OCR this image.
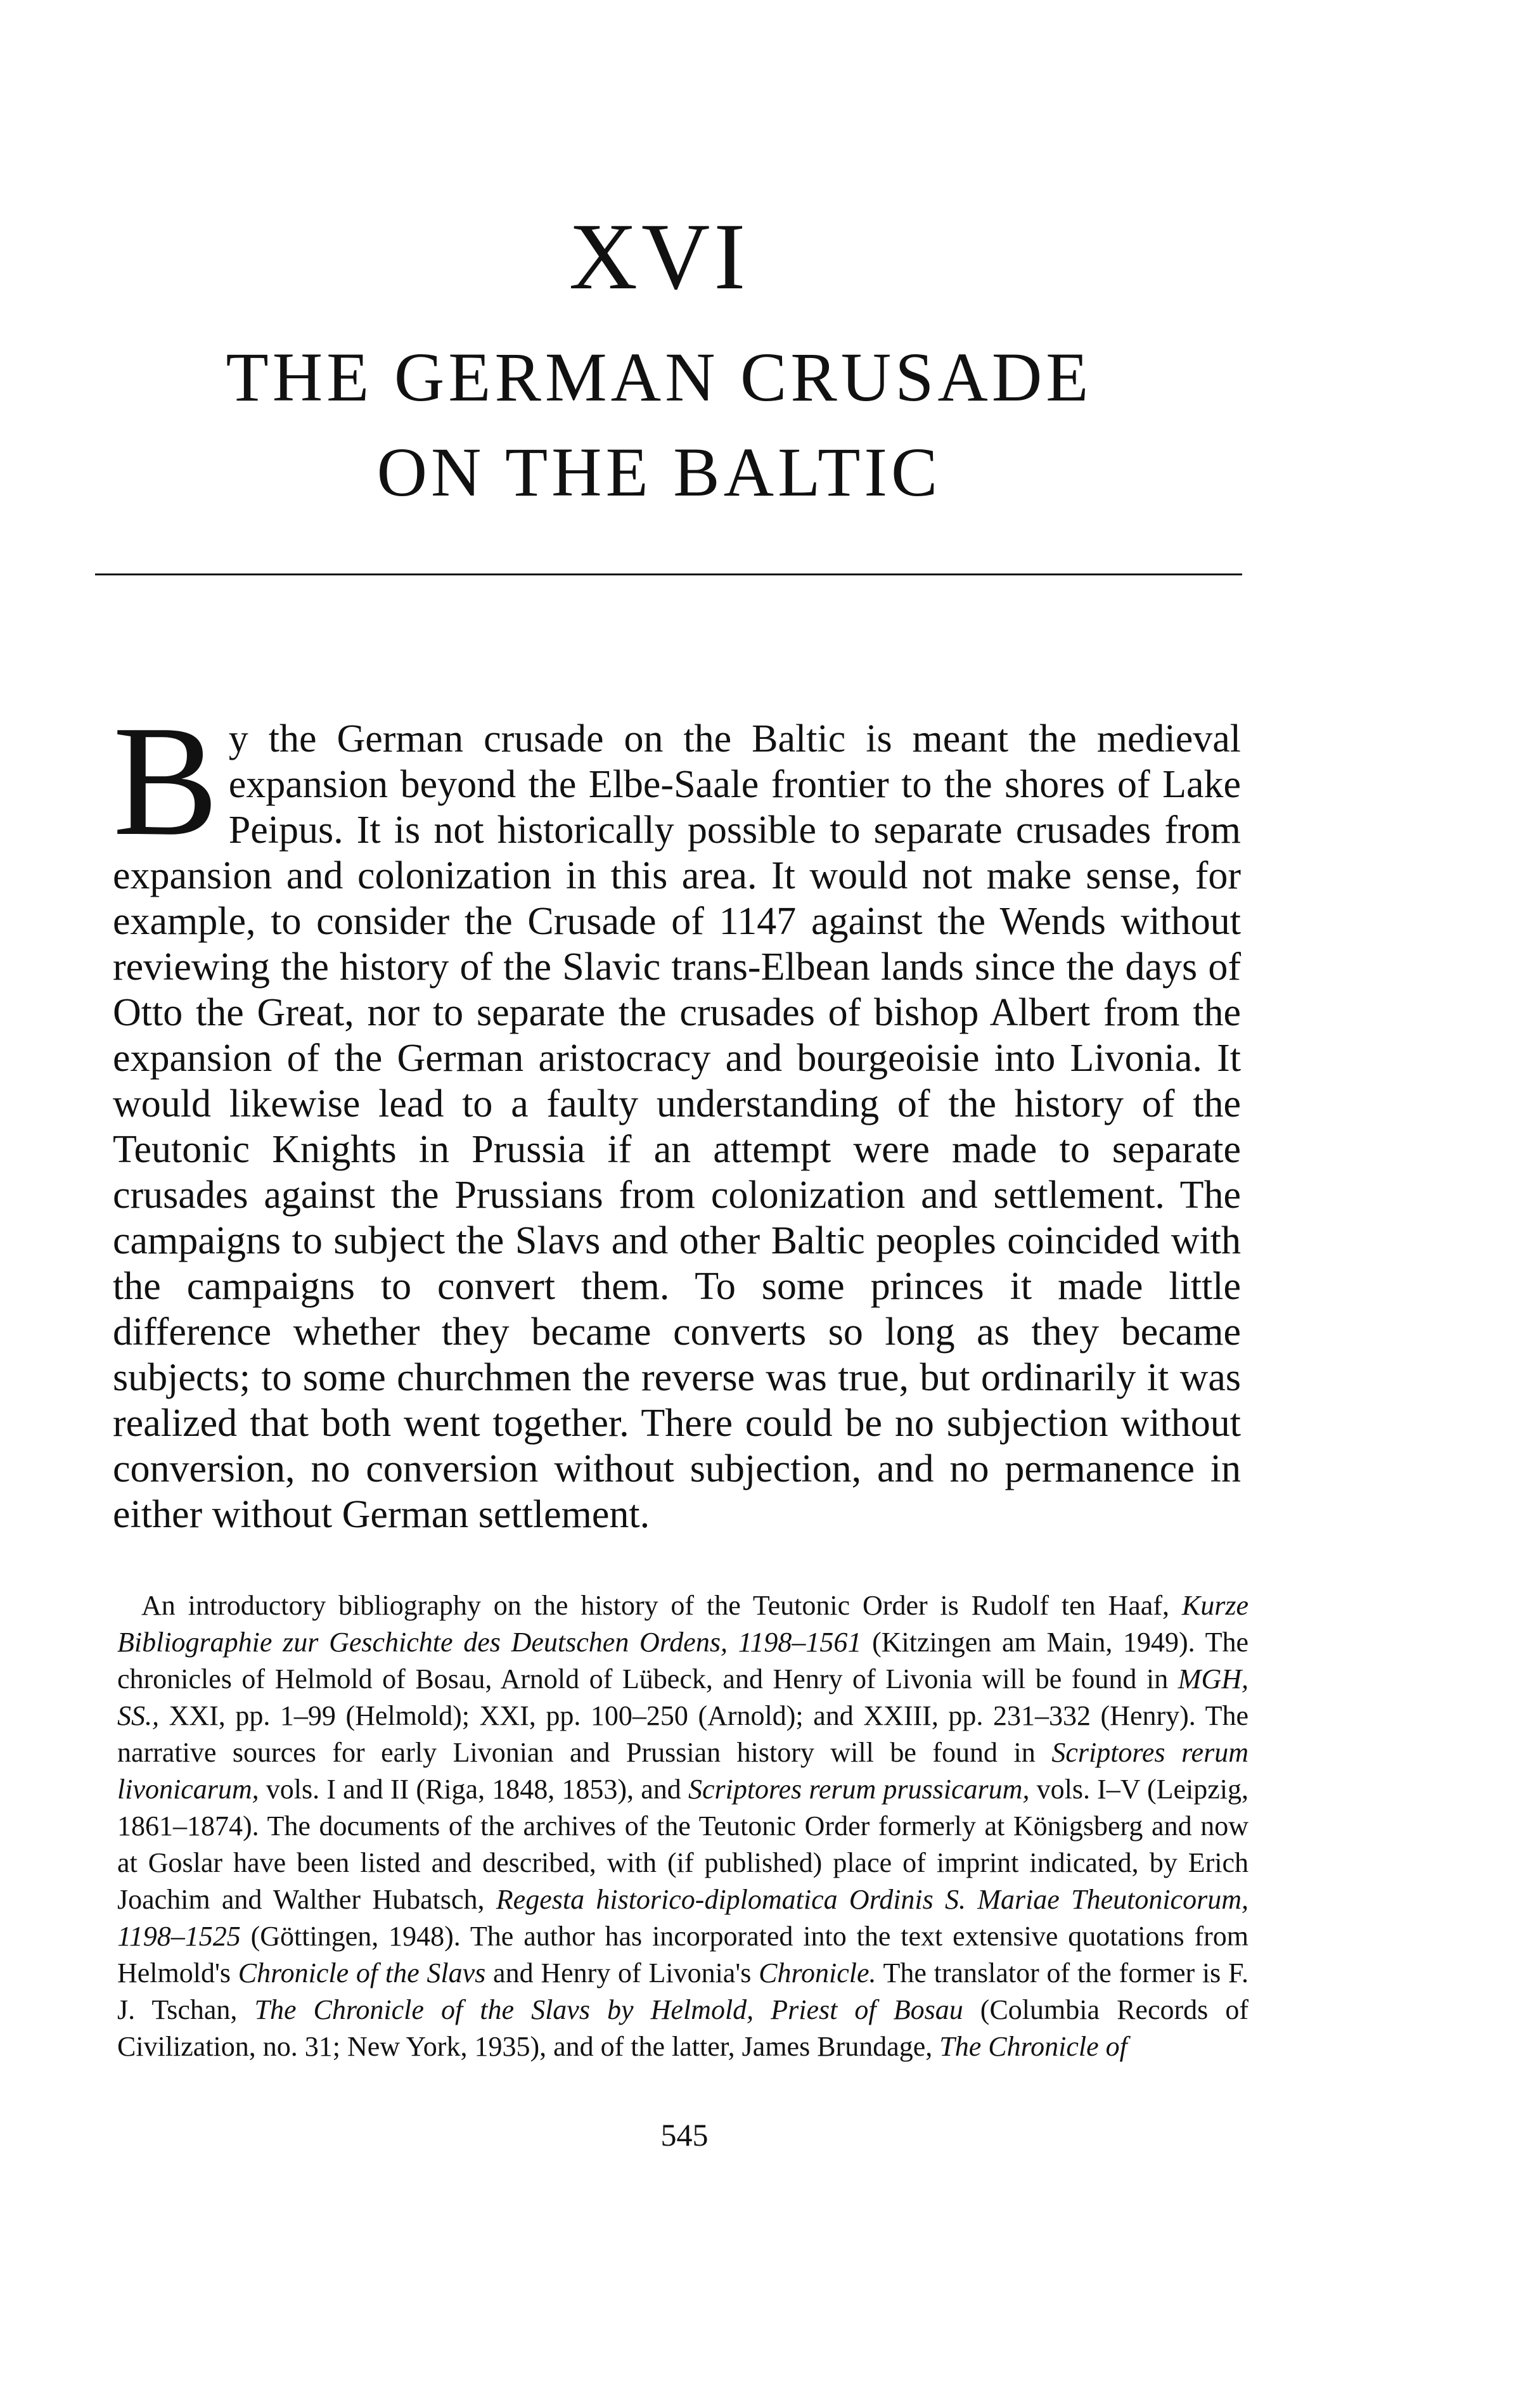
XVI
THE GERMAN CRUSADE
ON THE BALTIC
By the German crusade on the Baltic is meant the medieval expansion beyond the Elbe-Saale frontier to the shores of Lake Peipus. It is not historically possible to separate crusades from expansion and colonization in this area. It would not make sense, for example, to consider the Crusade of 1147 against the Wends without reviewing the history of the Slavic trans-Elbean lands since the days of Otto the Great, nor to separate the crusades of bishop Albert from the expansion of the German aristocracy and bourgeoisie into Livonia. It would likewise lead to a faulty understanding of the history of the Teutonic Knights in Prussia if an attempt were made to separate crusades against the Prussians from colonization and settlement. The campaigns to subject the Slavs and other Baltic peoples coincided with the campaigns to convert them. To some princes it made little difference whether they became converts so long as they became subjects; to some churchmen the reverse was true, but ordinarily it was realized that both went together. There could be no subjection without conversion, no conversion without subjection, and no permanence in either without German settlement.

An introductory bibliography on the history of the Teutonic Order is Rudolf ten Haaf, Kurze Bibliographie zur Geschichte des Deutschen Ordens, 1198–1561 (Kitzingen am Main, 1949). The chronicles of Helmold of Bosau, Arnold of Lübeck, and Henry of Livonia will be found in MGH, SS., XXI, pp. 1–99 (Helmold); XXI, pp. 100–250 (Arnold); and XXIII, pp. 231–332 (Henry). The narrative sources for early Livonian and Prussian history will be found in Scriptores rerum livonicarum, vols. I and II (Riga, 1848, 1853), and Scriptores rerum prussicarum, vols. I–V (Leipzig, 1861–1874). The documents of the archives of the Teutonic Order formerly at Königsberg and now at Goslar have been listed and described, with (if published) place of imprint indicated, by Erich Joachim and Walther Hubatsch, Regesta historico-diplomatica Ordinis S. Mariae Theutonicorum, 1198–1525 (Göttingen, 1948). The author has incorporated into the text extensive quotations from Helmold's Chronicle of the Slavs and Henry of Livonia's Chronicle. The translator of the former is F. J. Tschan, The Chronicle of the Slavs by Helmold, Priest of Bosau (Columbia Records of Civilization, no. 31; New York, 1935), and of the latter, James Brundage, The Chronicle of

545
